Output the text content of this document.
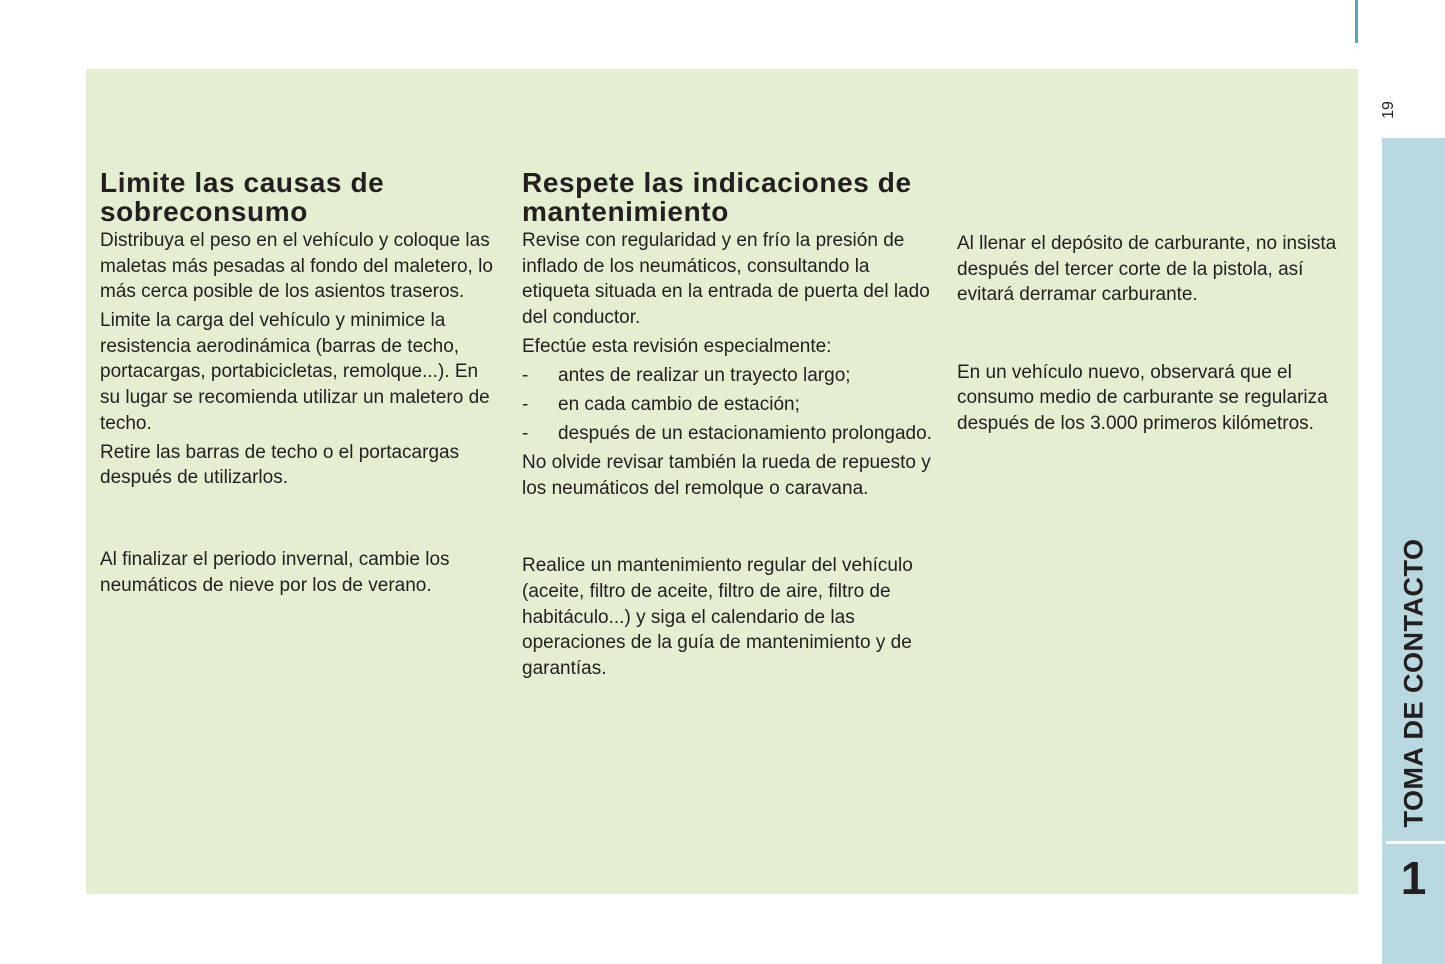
19
Limite las causas de sobreconsumo

Distribuya el peso en el vehículo y coloque las maletas más pesadas al fondo del maletero, lo más cerca posible de los asientos traseros.

Limite la carga del vehículo y minimice la resistencia aerodinámica (barras de techo, portacargas, portabicicletas, remolque...). En su lugar se recomienda utilizar un maletero de techo.

Retire las barras de techo o el portacargas después de utilizarlos.

Al finalizar el periodo invernal, cambie los neumáticos de nieve por los de verano.

Respete las indicaciones de mantenimiento

Revise con regularidad y en frío la presión de inflado de los neumáticos, consultando la etiqueta situada en la entrada de puerta del lado del conductor.

Efectúe esta revisión especialmente:

- antes de realizar un trayecto largo;
- en cada cambio de estación;
- después de un estacionamiento prolongado.

No olvide revisar también la rueda de repuesto y los neumáticos del remolque o caravana.

Realice un mantenimiento regular del vehículo (aceite, filtro de aceite, filtro de aire, filtro de habitáculo...) y siga el calendario de las operaciones de la guía de mantenimiento y de garantías.

Al llenar el depósito de carburante, no insista después del tercer corte de la pistola, así evitará derramar carburante.

En un vehículo nuevo, observará que el consumo medio de carburante se regulariza después de los 3.000 primeros kilómetros.

TOMA DE CONTACTO
1
